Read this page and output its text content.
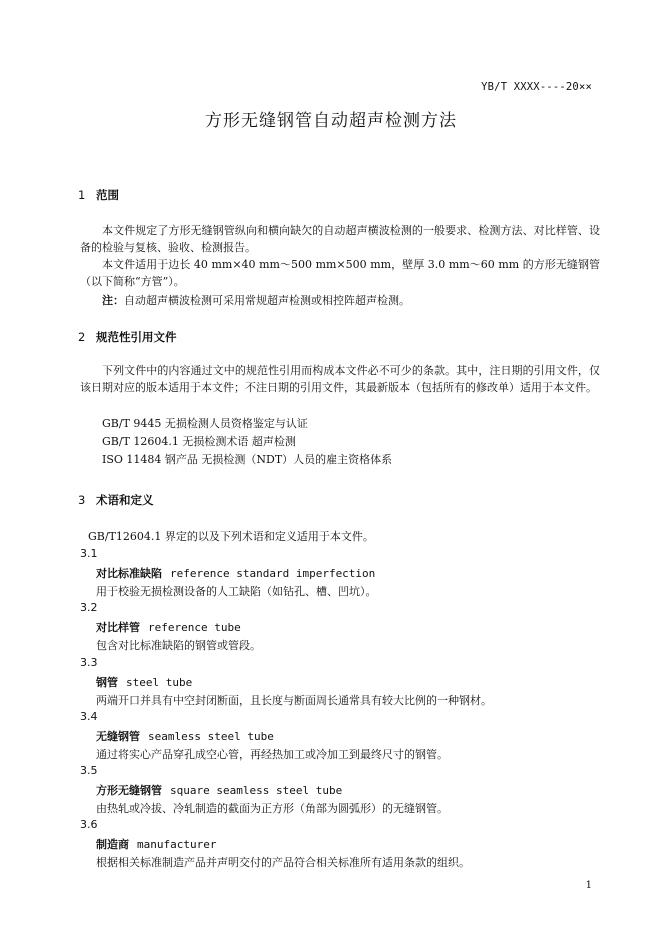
YB/T XXXX----20××
方形无缝钢管自动超声检测方法
1 范围
本文件规定了方形无缝钢管纵向和横向缺欠的自动超声横波检测的一般要求、检测方法、对比样管、设备的检验与复核、验收、检测报告。
本文件适用于边长 40 mm×40 mm～500 mm×500 mm，壁厚 3.0 mm～60 mm 的方形无缝钢管（以下简称“方管”）。
注：自动超声横波检测可采用常规超声检测或相控阵超声检测。
2 规范性引用文件
下列文件中的内容通过文中的规范性引用而构成本文件必不可少的条款。其中，注日期的引用文件，仅该日期对应的版本适用于本文件；不注日期的引用文件，其最新版本（包括所有的修改单）适用于本文件。
GB/T 9445 无损检测人员资格鉴定与认证
GB/T 12604.1 无损检测术语 超声检测
ISO 11484 钢产品 无损检测（NDT）人员的雇主资格体系
3 术语和定义
GB/T12604.1 界定的以及下列术语和定义适用于本文件。
3.1
对比标准缺陷 reference standard imperfection
用于校验无损检测设备的人工缺陷（如钻孔、槽、凹坑）。
3.2
对比样管 reference tube
包含对比标准缺陷的钢管或管段。
3.3
钢管 steel tube
两端开口并具有中空封闭断面，且长度与断面周长通常具有较大比例的一种钢材。
3.4
无缝钢管 seamless steel tube
通过将实心产品穿孔成空心管，再经热加工或冷加工到最终尺寸的钢管。
3.5
方形无缝钢管 square seamless steel tube
由热轧或冷拔、冷轧制造的截面为正方形（角部为圆弧形）的无缝钢管。
3.6
制造商 manufacturer
根据相关标准制造产品并声明交付的产品符合相关标准所有适用条款的组织。
1
